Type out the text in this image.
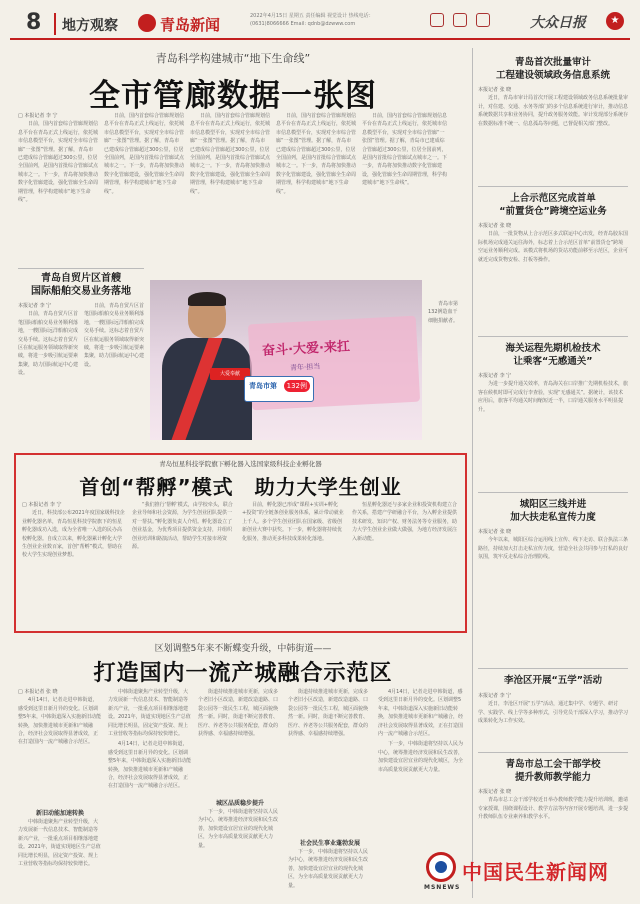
8 地方观察	青岛新闻	2022年4月15日 星期五 责任编辑 视觉设计 热线电话：(0631)8066666 Email: qdnb@dzwww.com
	大众日报	★
青岛科学构建城市“地下生命线”
全市管廊数据一张图
□ 本报记者 李 宁

日前，国内首套综合管廊规划信息平台在青岛正式上线运行，依托城市信息模型平台，实现对全市综合管廊“一张图”管理。据了解，青岛市已建成综合管廊超过300公里，位居全国前列，是国内首批综合管廊试点城市之一。下一步，青岛将加快推动数字化管廊建设，强化管廊全生命周期管理，科学构建城市“地下生命线”。

日前，国内首套综合管廊规划信息平台在青岛正式上线运行，依托城市信息模型平台，实现对全市综合管廊“一张图”管理。据了解，青岛市已建成综合管廊超过300公里，位居全国前列，是国内首批综合管廊试点城市之一。下一步，青岛将加快推动数字化管廊建设，强化管廊全生命周期管理，科学构建城市“地下生命线”。

日前，国内首套综合管廊规划信息平台在青岛正式上线运行，依托城市信息模型平台，实现对全市综合管廊“一张图”管理。据了解，青岛市已建成综合管廊超过300公里，位居全国前列，是国内首批综合管廊试点城市之一。下一步，青岛将加快推动数字化管廊建设，强化管廊全生命周期管理，科学构建城市“地下生命线”。

日前，国内首套综合管廊规划信息平台在青岛正式上线运行，依托城市信息模型平台，实现对全市综合管廊“一张图”管理。据了解，青岛市已建成综合管廊超过300公里，位居全国前列，是国内首批综合管廊试点城市之一。下一步，青岛将加快推动数字化管廊建设，强化管廊全生命周期管理，科学构建城市“地下生命线”。

日前，国内首套综合管廊规划信息平台在青岛正式上线运行，依托城市信息模型平台，实现对全市综合管廊“一张图”管理。据了解，青岛市已建成综合管廊超过300公里，位居全国前列，是国内首批综合管廊试点城市之一。下一步，青岛将加快推动数字化管廊建设，强化管廊全生命周期管理，科学构建城市“地下生命线”。

青岛自贸片区首艘
国际船舶交易业务落地
本报记者 李 宁

日前，青岛自贸片区首笔国际船舶交易业务顺利落地，一艘国际远洋船舶完成交易手续。这标志着自贸片区在航运服务领域取得新突破，将进一步吸引航运要素集聚，助力国际航运中心建设。

日前，青岛自贸片区首笔国际船舶交易业务顺利落地，一艘国际远洋船舶完成交易手续。这标志着自贸片区在航运服务领域取得新突破，将进一步吸引航运要素集聚，助力国际航运中心建设。

奋斗·大爱·来扛
青年·担当
大爱奉献
青岛市第	132例

青岛市第132例造血干细胞捐献者。

青岛恒星科技学院旗下孵化器入选国家级科技企业孵化器
首创“帮孵”模式　助力大学生创业
□ 本报记者 李 宁

近日，科技部公布2021年度国家级科技企业孵化器名单，青岛恒星科技学院旗下的恒星孵化器成功入选，成为全省唯一入选的民办高校孵化器。自成立以来，孵化器累计孵化大学生创业企业数百家，首创“帮孵”模式，帮助在校大学生实现创业梦想。

“我们推行‘帮孵’模式，由学校牵头，联合企业导师和社会资源，为学生创业团队提供一对一帮扶。”孵化器负责人介绍。孵化器设立了创业基金，为优秀项目提供资金支持，并组织创业培训和路演活动，帮助学生对接市场资源。

目前，孵化器已形成“课程+实训+孵化+投资”的全链条创业服务体系，累计带动就业上千人。多个学生创业团队在国家级、省级创新创业大赛中获奖。下一步，孵化器将持续优化服务，推动更多科技成果转化落地。

恒星孵化器还与多家企业和投资机构建立合作关系，搭建产学研融合平台，为入孵企业提供技术研发、知识产权、财务法务等专业服务，助力大学生创业企业做大做强，为地方经济发展注入新动能。

区划调整5年来不断蝶变升级，中韩街道——
打造国内一流产城融合示范区
□ 本报记者 张 晓

4月14日，记者走进中韩街道，感受到这里日新月异的变化。区划调整5年来，中韩街道深入实施新旧动能转换，加快推进城市更新和产城融合，经济社会发展取得显著成效，正在打造国内一流产城融合示范区。

新旧动能加速转换

中韩街道聚焦产业转型升级，大力发展新一代信息技术、智能制造等新兴产业，一批重点项目相继落地建设。2021年，街道实现地区生产总值同比增长明显，固定资产投资、规上工业营收等指标均保持较快增长。

中韩街道聚焦产业转型升级，大力发展新一代信息技术、智能制造等新兴产业，一批重点项目相继落地建设。2021年，街道实现地区生产总值同比增长明显，固定资产投资、规上工业营收等指标均保持较快增长。

4月14日，记者走进中韩街道，感受到这里日新月异的变化。区划调整5年来，中韩街道深入实施新旧动能转换，加快推进城市更新和产城融合，经济社会发展取得显著成效，正在打造国内一流产城融合示范区。

街道持续推进城市更新，完成多个老旧小区改造，新建改造道路、口袋公园等一批民生工程，城区面貌焕然一新。同时，街道不断完善教育、医疗、养老等公共服务配套，群众的获得感、幸福感持续增强。

城区品质稳步提升

下一步，中韩街道将坚持以人民为中心，统筹推进经济发展和民生改善，加快建设宜居宜业的现代化城区，为全市高质量发展贡献更大力量。

街道持续推进城市更新，完成多个老旧小区改造，新建改造道路、口袋公园等一批民生工程，城区面貌焕然一新。同时，街道不断完善教育、医疗、养老等公共服务配套，群众的获得感、幸福感持续增强。

社会民生事业蓬勃发展

下一步，中韩街道将坚持以人民为中心，统筹推进经济发展和民生改善，加快建设宜居宜业的现代化城区，为全市高质量发展贡献更大力量。

4月14日，记者走进中韩街道，感受到这里日新月异的变化。区划调整5年来，中韩街道深入实施新旧动能转换，加快推进城市更新和产城融合，经济社会发展取得显著成效，正在打造国内一流产城融合示范区。

下一步，中韩街道将坚持以人民为中心，统筹推进经济发展和民生改善，加快建设宜居宜业的现代化城区，为全市高质量发展贡献更大力量。

青岛首次批量审计
工程建设领域政务信息系统
本报记者 张 晓

近日，青岛市审计局首次开展工程建设领域政务信息系统批量审计，对住建、交通、水务等部门的多个信息系统进行审计，推动信息系统数据共享和业务协同，提升政务服务效能。审计发现部分系统存在数据标准不统一、信息孤岛等问题，已督促相关部门整改。

上合示范区完成首单
“前置货仓”跨境空运业务
本报记者 张 晓

日前，一批货物从上合示范区多式联运中心出发，经青岛胶东国际机场完成通关运往海外，标志着上合示范区首单“前置货仓”跨境空运业务顺利完成。该模式将机场的货站功能前移至示范区，企业可就近完成货物安检、打板等操作。

海关运程先期机检技术
让乘客“无感通关”
本报记者 李 宁

为进一步提升通关效率，青岛海关在口岸推广先期机检技术，旅客在候机时即可完成行李查验，实现“无感通关”。据统计，该技术应用后，旅客平均通关时间缩短近一半，口岸通关服务水平明显提升。

城阳区三线并进
加大扶走私宣传力度
本报记者 张 晓

今年以来，城阳区综合运用线上宣传、线下走访、联合执法三条路径，持续加大打击走私宣传力度，营造全社会共同参与打私的良好氛围，筑牢反走私综合治理防线。

李沧区开展“五学”活动
本报记者 李 宁

近日，李沧区开展“五学”活动，通过集中学、专题学、研讨学、实践学、线上学等多种形式，引导党员干部深入学习，推动学习成果转化为工作实效。

青岛市总工会干部学校
提升教师教学能力
本报记者 张 晓

青岛市总工会干部学校近日举办教师教学能力提升培训班，邀请专家授课，围绕课程设计、教学方法等内容开展专题培训，进一步提升教师队伍专业素养和教学水平。

MSNEWS
中国民生新闻网
